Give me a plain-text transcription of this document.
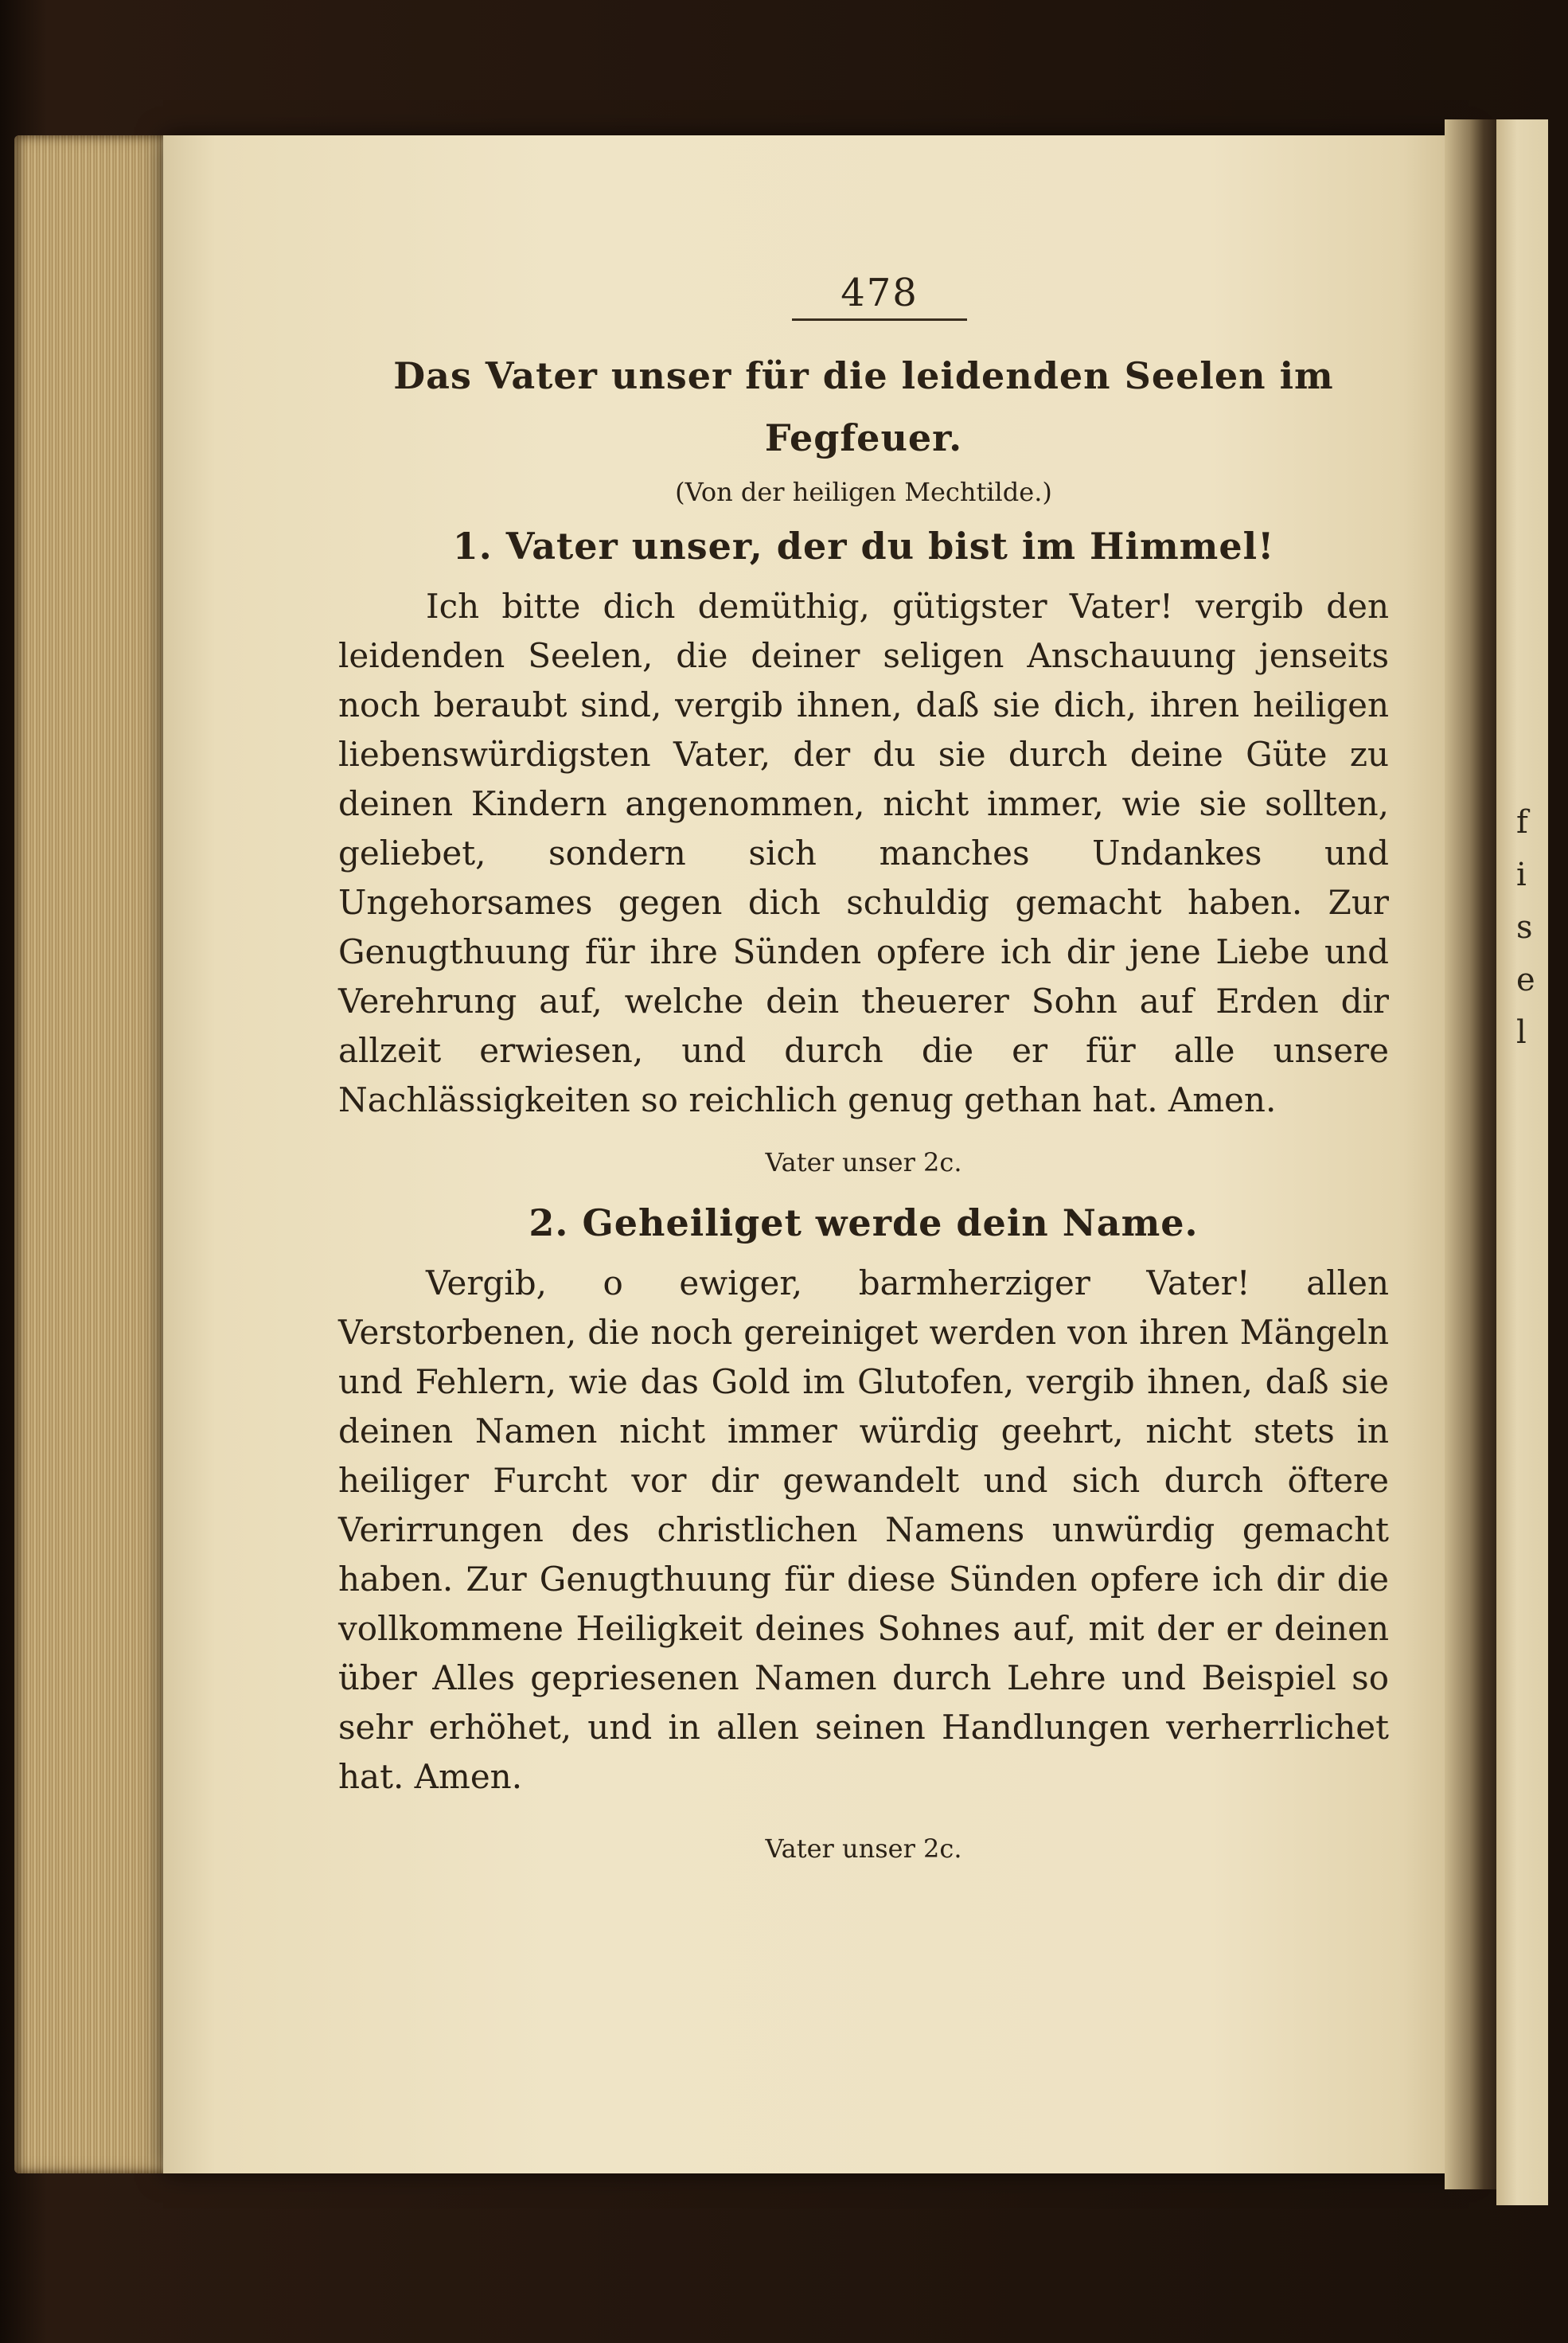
f
i
s
e
l
478
Das Vater unser für die leidenden Seelen im
Fegfeuer.
(Von der heiligen Mechtilde.)
1. Vater unser, der du bist im Himmel!

Ich bitte dich demüthig, gütigster Vater! vergib den leidenden Seelen, die deiner seligen Anschauung jenseits noch beraubt sind, vergib ihnen, daß sie dich, ihren heiligen liebenswürdigsten Vater, der du sie durch deine Güte zu deinen Kindern angenommen, nicht immer, wie sie sollten, geliebet, sondern sich manches Undankes und Ungehorsames gegen dich schuldig gemacht haben. Zur Genugthuung für ihre Sünden opfere ich dir jene Liebe und Verehrung auf, welche dein theuerer Sohn auf Erden dir allzeit erwiesen, und durch die er für alle unsere Nachlässigkeiten so reichlich genug gethan hat. Amen.

Vater unser 2c.
2. Geheiliget werde dein Name.

Vergib, o ewiger, barmherziger Vater! allen Verstorbenen, die noch gereiniget werden von ihren Mängeln und Fehlern, wie das Gold im Glutofen, vergib ihnen, daß sie deinen Namen nicht immer würdig geehrt, nicht stets in heiliger Furcht vor dir gewandelt und sich durch öftere Verirrungen des christlichen Namens unwürdig gemacht haben. Zur Genugthuung für diese Sünden opfere ich dir die vollkommene Heiligkeit deines Sohnes auf, mit der er deinen über Alles gepriesenen Namen durch Lehre und Beispiel so sehr erhöhet, und in allen seinen Handlungen verherrlichet hat. Amen.

Vater unser 2c.
